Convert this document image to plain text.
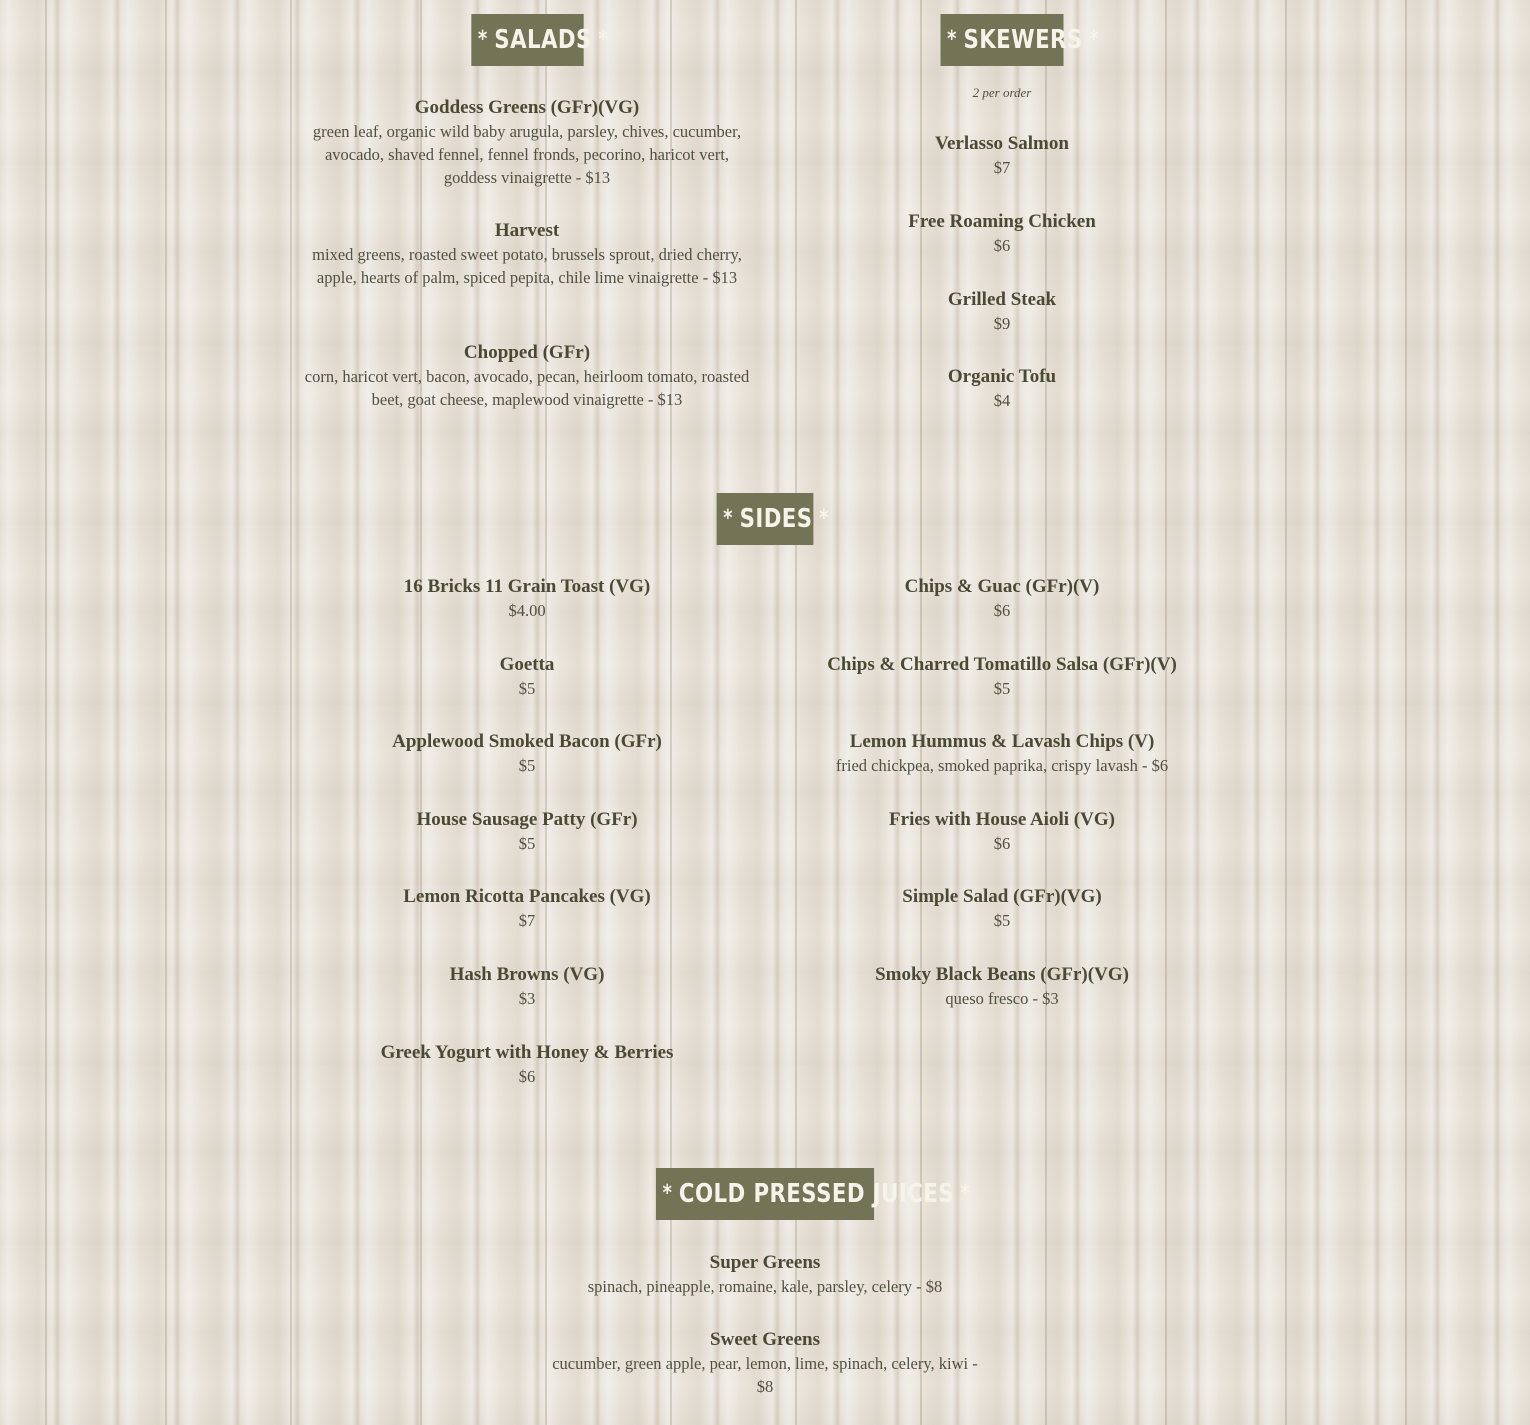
* SALADS *	* SKEWERS *
Goddess Greens (GFr)(VG)
green leaf, organic wild baby arugula, parsley, chives, cucumber, avocado, shaved fennel, fennel fronds, pecorino, haricot vert, goddess vinaigrette - $13
Harvest
mixed greens, roasted sweet potato, brussels sprout, dried cherry, apple, hearts of palm, spiced pepita, chile lime vinaigrette - $13
Chopped (GFr)
corn, haricot vert, bacon, avocado, pecan, heirloom tomato, roasted beet, goat cheese, maplewood vinaigrette - $13
2 per order
Verlasso Salmon
$7
Free Roaming Chicken
$6
Grilled Steak
$9
Organic Tofu
$4
* SIDES *
16 Bricks 11 Grain Toast (VG)
$4.00
Goetta
$5
Applewood Smoked Bacon (GFr)
$5
House Sausage Patty (GFr)
$5
Lemon Ricotta Pancakes (VG)
$7
Hash Browns (VG)
$3
Greek Yogurt with Honey & Berries
$6
Chips & Guac (GFr)(V)
$6
Chips & Charred Tomatillo Salsa (GFr)(V)
$5
Lemon Hummus & Lavash Chips (V)
fried chickpea, smoked paprika, crispy lavash - $6
Fries with House Aioli (VG)
$6
Simple Salad (GFr)(VG)
$5
Smoky Black Beans (GFr)(VG)
queso fresco - $3
* COLD PRESSED JUICES *
Super Greens
spinach, pineapple, romaine, kale, parsley, celery - $8
Sweet Greens
cucumber, green apple, pear, lemon, lime, spinach, celery, kiwi - $8
